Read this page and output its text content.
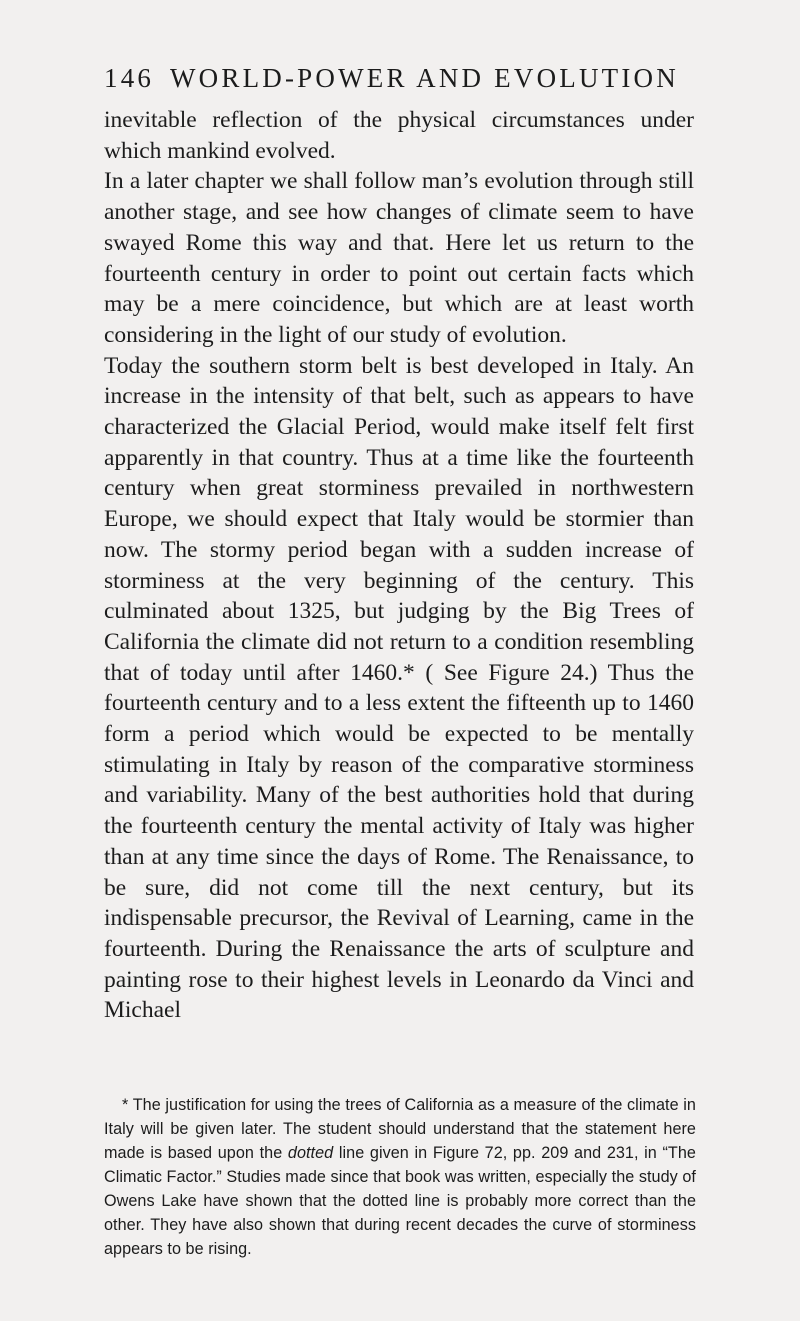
146 WORLD-POWER AND EVOLUTION

inevitable reflection of the physical circumstances under which mankind evolved.

In a later chapter we shall follow man’s evolution through still another stage, and see how changes of climate seem to have swayed Rome this way and that. Here let us return to the fourteenth century in order to point out certain facts which may be a mere coincidence, but which are at least worth considering in the light of our study of evolution.

Today the southern storm belt is best developed in Italy. An increase in the intensity of that belt, such as appears to have characterized the Glacial Period, would make itself felt first apparently in that country. Thus at a time like the fourteenth century when great storminess prevailed in northwestern Europe, we should expect that Italy would be stormier than now. The stormy period began with a sudden increase of storminess at the very beginning of the century. This culminated about 1325, but judging by the Big Trees of California the climate did not return to a condition resembling that of today until after 1460.* ( See Figure 24.) Thus the fourteenth century and to a less extent the fifteenth up to 1460 form a period which would be expected to be mentally stimulating in Italy by reason of the comparative storminess and variability. Many of the best authorities hold that during the fourteenth century the mental activity of Italy was higher than at any time since the days of Rome. The Renaissance, to be sure, did not come till the next century, but its indispensable precursor, the Revival of Learning, came in the fourteenth. During the Renaissance the arts of sculpture and painting rose to their highest levels in Leonardo da Vinci and Michael

* The justification for using the trees of California as a measure of the climate in Italy will be given later. The student should understand that the statement here made is based upon the dotted line given in Figure 72, pp. 209 and 231, in “The Climatic Factor.” Studies made since that book was written, especially the study of Owens Lake have shown that the dotted line is probably more correct than the other. They have also shown that during recent decades the curve of storminess appears to be rising.
